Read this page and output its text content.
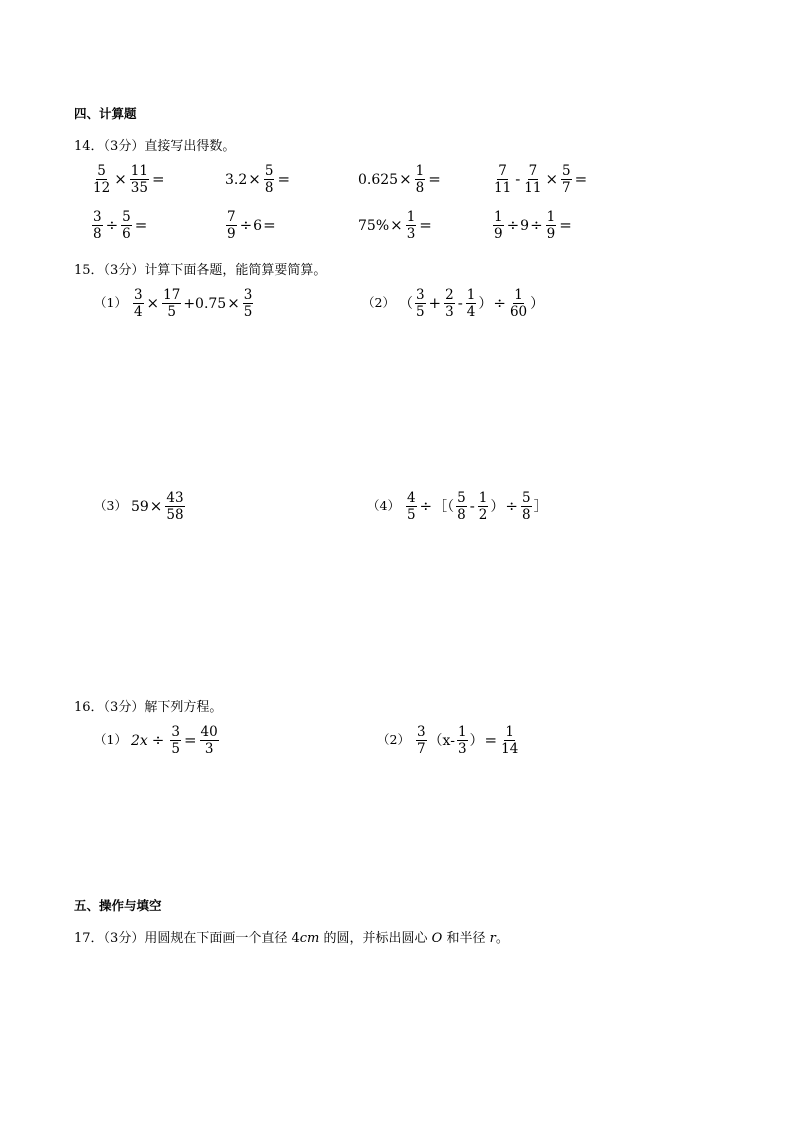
四、计算题
14．（3分）直接写出得数。
$\frac{5}{12} \times \frac{11}{35}$ =	$3.2 \times \frac{5}{8}$ =	$0.625 \times \frac{1}{8}$ =	$\frac{7}{11} - \frac{7}{11} \times \frac{5}{7}$ =
$\frac{3}{8} \div \frac{5}{6}$ =	$\frac{7}{9} \div 6$ =	$75\% \times \frac{1}{3}$ =	$\frac{1}{9} \div 9 \div \frac{1}{9}$ =
15．（3分）计算下面各题，能简算要简算。
$(1) \frac{3}{4} \times \frac{17}{5} +0.75 \times \frac{3}{5}$	（2） （ $\frac{3}{5} + \frac{2}{3} - \frac{1}{4}$ ） ÷ $\frac{1}{60}$ ）
（3） $59 \times \frac{43}{58}$	$(4) \frac{4}{5}$ ÷ ［（ $\frac{5}{8} - \frac{1}{2}$ ） ÷ $\frac{5}{8}$ ］
16．（3分）解下列方程。
（1） $2x \div \frac{3}{5} = \frac{40}{3}$	$(2) \frac{3}{7} (x- \frac{1}{3}$ ） = $\frac{1}{14}$
五、操作与填空
17．（3分）用圆规在下面画一个直径 4cm 的圆，并标出圆心 O 和半径 r。
